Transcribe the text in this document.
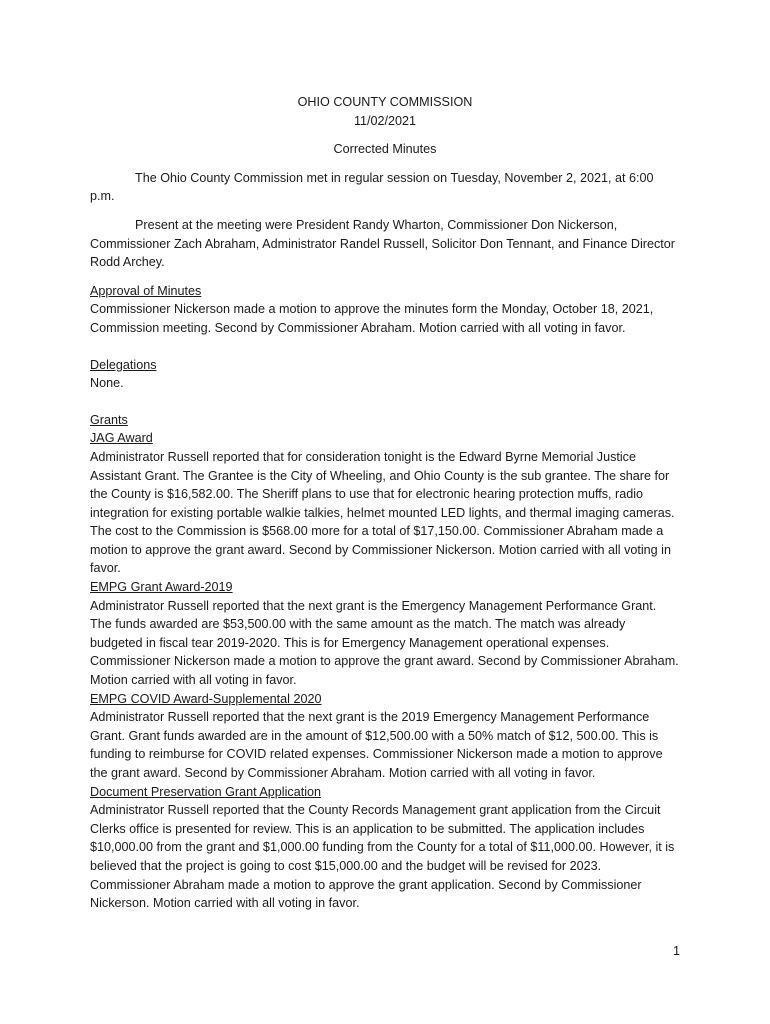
OHIO COUNTY COMMISSION

11/02/2021

Corrected Minutes

The Ohio County Commission met in regular session on Tuesday, November 2, 2021, at 6:00 p.m.

Present at the meeting were President Randy Wharton, Commissioner Don Nickerson, Commissioner Zach Abraham, Administrator Randel Russell, Solicitor Don Tennant, and Finance Director Rodd Archey.

Approval of Minutes

Commissioner Nickerson made a motion to approve the minutes form the Monday, October 18, 2021, Commission meeting. Second by Commissioner Abraham. Motion carried with all voting in favor.

Delegations

None.

Grants
JAG Award

Administrator Russell reported that for consideration tonight is the Edward Byrne Memorial Justice Assistant Grant. The Grantee is the City of Wheeling, and Ohio County is the sub grantee. The share for the County is $16,582.00. The Sheriff plans to use that for electronic hearing protection muffs, radio integration for existing portable walkie talkies, helmet mounted LED lights, and thermal imaging cameras. The cost to the Commission is $568.00 more for a total of $17,150.00. Commissioner Abraham made a motion to approve the grant award. Second by Commissioner Nickerson. Motion carried with all voting in favor.

EMPG Grant Award-2019

Administrator Russell reported that the next grant is the Emergency Management Performance Grant. The funds awarded are $53,500.00 with the same amount as the match. The match was already budgeted in fiscal tear 2019-2020. This is for Emergency Management operational expenses. Commissioner Nickerson made a motion to approve the grant award. Second by Commissioner Abraham. Motion carried with all voting in favor.

EMPG COVID Award-Supplemental 2020

Administrator Russell reported that the next grant is the 2019 Emergency Management Performance Grant. Grant funds awarded are in the amount of $12,500.00 with a 50% match of $12, 500.00. This is funding to reimburse for COVID related expenses. Commissioner Nickerson made a motion to approve the grant award. Second by Commissioner Abraham. Motion carried with all voting in favor.

Document Preservation Grant Application

Administrator Russell reported that the County Records Management grant application from the Circuit Clerks office is presented for review. This is an application to be submitted. The application includes $10,000.00 from the grant and $1,000.00 funding from the County for a total of $11,000.00. However, it is believed that the project is going to cost $15,000.00 and the budget will be revised for 2023. Commissioner Abraham made a motion to approve the grant application. Second by Commissioner Nickerson. Motion carried with all voting in favor.

1
